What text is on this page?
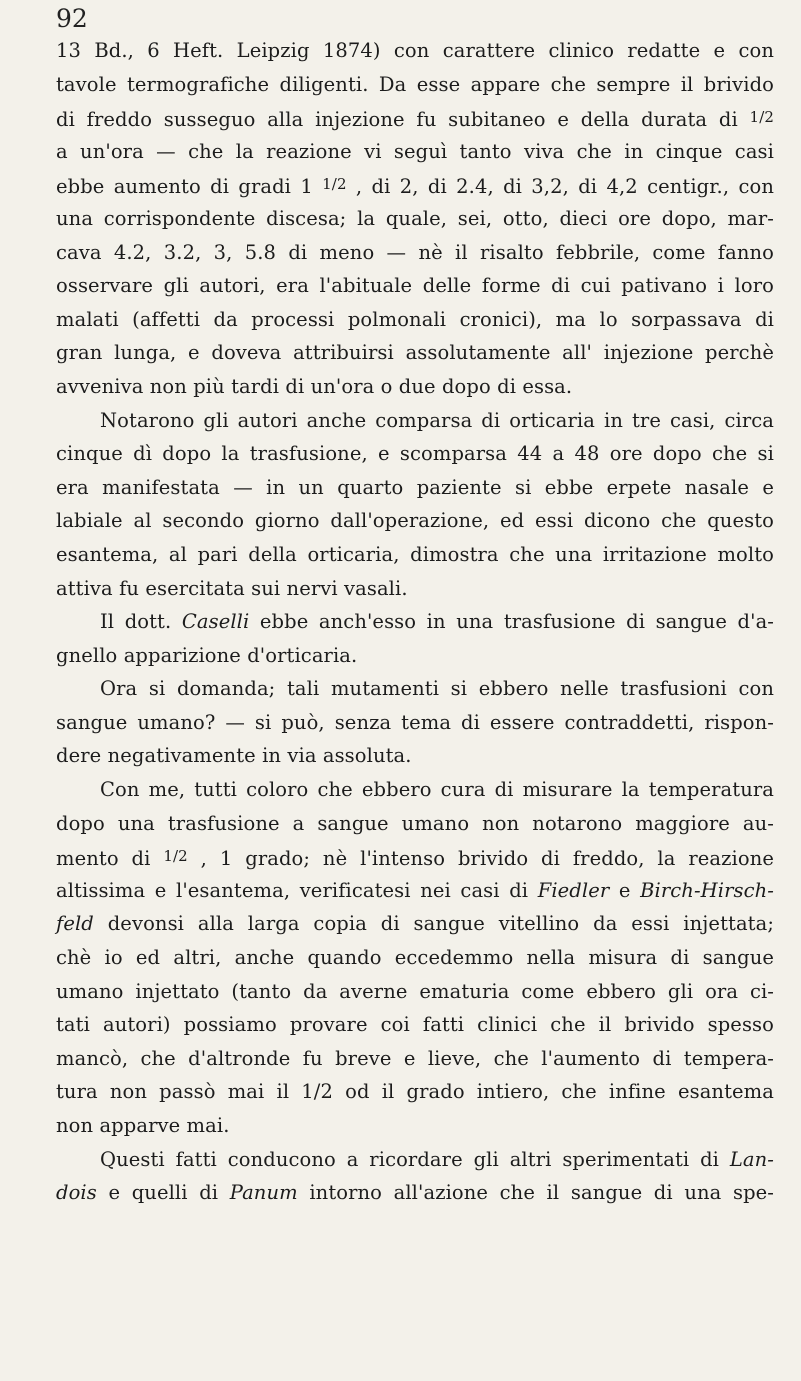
92
13 Bd., 6 Heft. Leipzig 1874) con carattere clinico redatte e con
tavole termografiche diligenti. Da esse appare che sempre il brivido
di freddo susseguo alla injezione fu subitaneo e della durata di $^{1/2}$
a un'ora — che la reazione vi seguì tanto viva che in cinque casi
ebbe aumento di gradi 1 $^{1/2}$ , di 2, di 2.4, di 3,2, di 4,2 centigr., con
una corrispondente discesa; la quale, sei, otto, dieci ore dopo, mar-
cava 4.2, 3.2, 3, 5.8 di meno — nè il risalto febbrile, come fanno
osservare gli autori, era l'abituale delle forme di cui pativano i loro
malati (affetti da processi polmonali cronici), ma lo sorpassava di
gran lunga, e doveva attribuirsi assolutamente all' injezione perchè
avveniva non più tardi di un'ora o due dopo di essa.
Notarono gli autori anche comparsa di orticaria in tre casi, circa
cinque dì dopo la trasfusione, e scomparsa 44 a 48 ore dopo che si
era manifestata — in un quarto paziente si ebbe erpete nasale e
labiale al secondo giorno dall'operazione, ed essi dicono che questo
esantema, al pari della orticaria, dimostra che una irritazione molto
attiva fu esercitata sui nervi vasali.
Il dott. Caselli ebbe anch'esso in una trasfusione di sangue d'a-
gnello apparizione d'orticaria.
Ora si domanda; tali mutamenti si ebbero nelle trasfusioni con
sangue umano? — si può, senza tema di essere contraddetti, rispon-
dere negativamente in via assoluta.
Con me, tutti coloro che ebbero cura di misurare la temperatura
dopo una trasfusione a sangue umano non notarono maggiore au-
mento di $^{1/2}$ , 1 grado; nè l'intenso brivido di freddo, la reazione
altissima e l'esantema, verificatesi nei casi di Fiedler e Birch-Hirsch-
feld devonsi alla larga copia di sangue vitellino da essi injettata;
chè io ed altri, anche quando eccedemmo nella misura di sangue
umano injettato (tanto da averne ematuria come ebbero gli ora ci-
tati autori) possiamo provare coi fatti clinici che il brivido spesso
mancò, che d'altronde fu breve e lieve, che l'aumento di tempera-
tura non passò mai il 1/2 od il grado intiero, che infine esantema
non apparve mai.
Questi fatti conducono a ricordare gli altri sperimentati di Lan-
dois e quelli di Panum intorno all'azione che il sangue di una spe-
